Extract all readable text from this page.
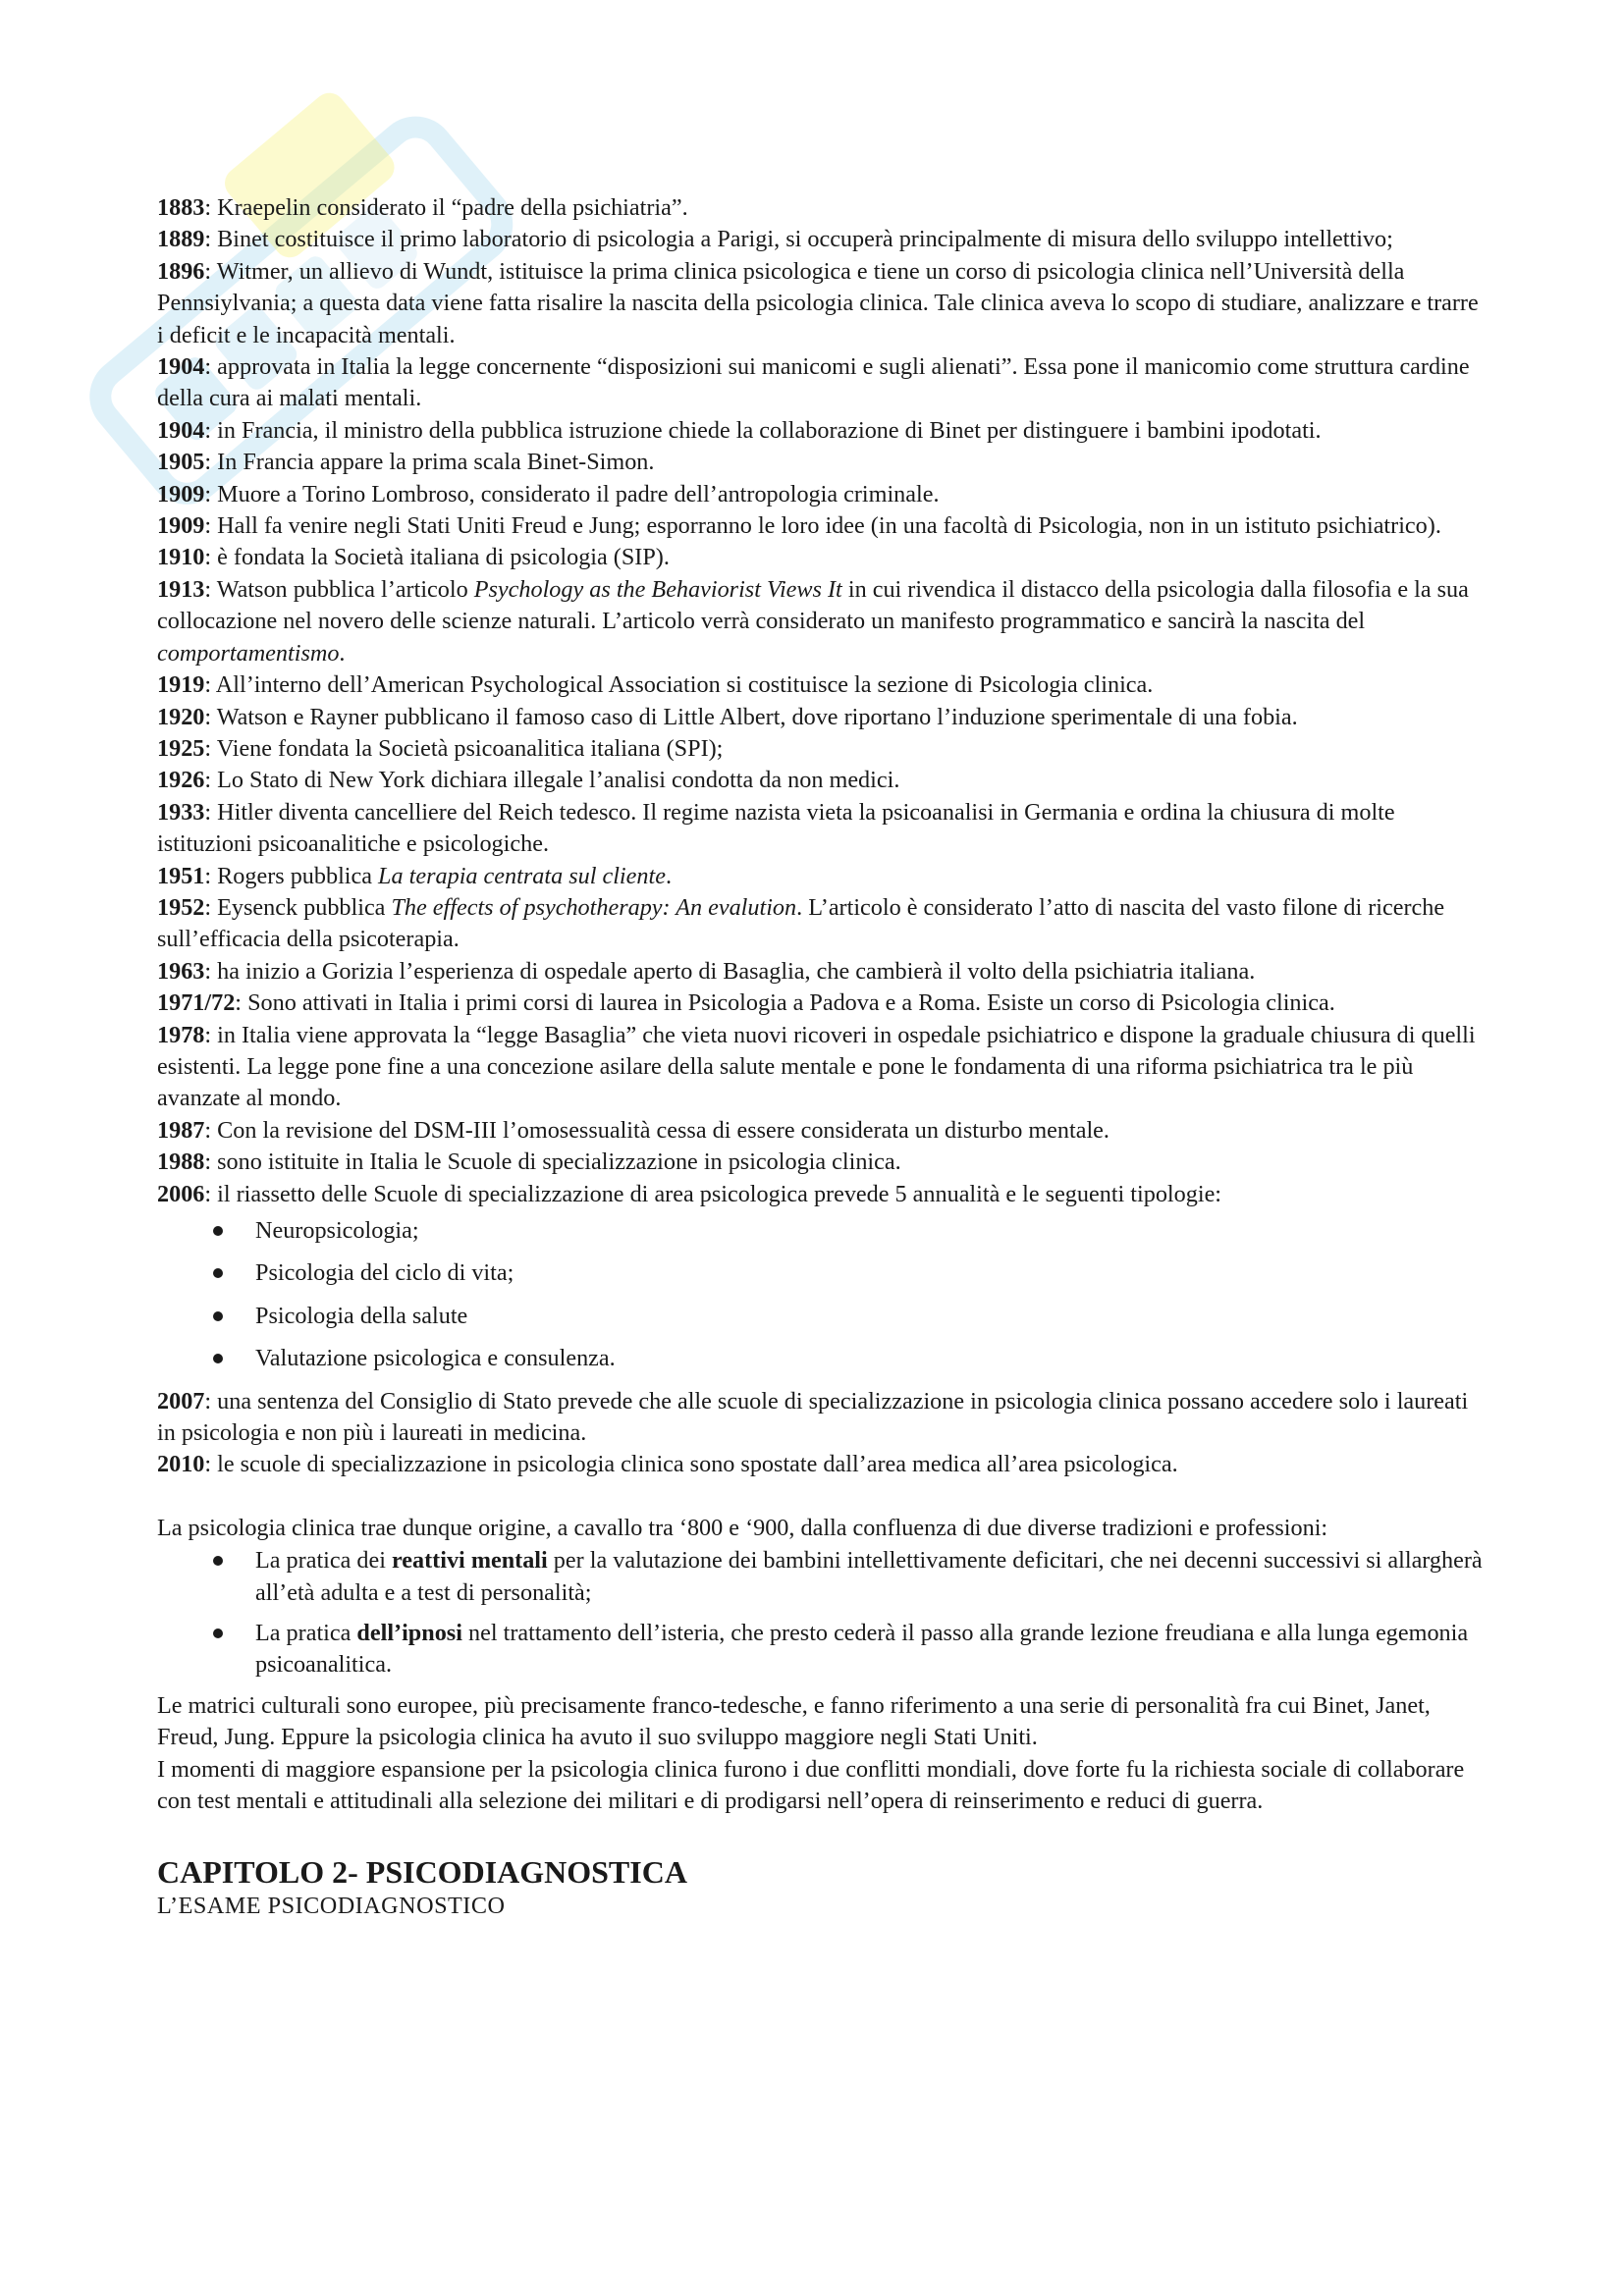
1883: Kraepelin considerato il “padre della psichiatria”.

1889: Binet costituisce il primo laboratorio di psicologia a Parigi, si occuperà principalmente di misura dello sviluppo intellettivo;

1896: Witmer, un allievo di Wundt, istituisce la prima clinica psicologica e tiene un corso di psicologia clinica nell’Università della Pennsiylvania; a questa data viene fatta risalire la nascita della psicologia clinica. Tale clinica aveva lo scopo di studiare, analizzare e trarre i deficit e le incapacità mentali.

1904: approvata in Italia la legge concernente “disposizioni sui manicomi e sugli alienati”. Essa pone il manicomio come struttura cardine della cura ai malati mentali.

1904: in Francia, il ministro della pubblica istruzione chiede la collaborazione di Binet per distinguere i bambini ipodotati.

1905: In Francia appare la prima scala Binet-Simon.

1909: Muore a Torino Lombroso, considerato il padre dell’antropologia criminale.

1909: Hall fa venire negli Stati Uniti Freud e Jung; esporranno le loro idee (in una facoltà di Psicologia, non in un istituto psichiatrico).

1910: è fondata la Società italiana di psicologia (SIP).

1913: Watson pubblica l’articolo Psychology as the Behaviorist Views It in cui rivendica il distacco della psicologia dalla filosofia e la sua collocazione nel novero delle scienze naturali. L’articolo verrà considerato un manifesto programmatico e sancirà la nascita del comportamentismo.

1919: All’interno dell’American Psychological Association si costituisce la sezione di Psicologia clinica.

1920: Watson e Rayner pubblicano il famoso caso di Little Albert, dove riportano l’induzione sperimentale di una fobia.

1925: Viene fondata la Società psicoanalitica italiana (SPI);

1926: Lo Stato di New York dichiara illegale l’analisi condotta da non medici.

1933: Hitler diventa cancelliere del Reich tedesco. Il regime nazista vieta la psicoanalisi in Germania e ordina la chiusura di molte istituzioni psicoanalitiche e psicologiche.

1951: Rogers pubblica La terapia centrata sul cliente.

1952: Eysenck pubblica The effects of psychotherapy: An evalution. L’articolo è considerato l’atto di nascita del vasto filone di ricerche sull’efficacia della psicoterapia.

1963: ha inizio a Gorizia l’esperienza di ospedale aperto di Basaglia, che cambierà il volto della psichiatria italiana.

1971/72: Sono attivati in Italia i primi corsi di laurea in Psicologia a Padova e a Roma. Esiste un corso di Psicologia clinica.

1978: in Italia viene approvata la “legge Basaglia” che vieta nuovi ricoveri in ospedale psichiatrico e dispone la graduale chiusura di quelli esistenti. La legge pone fine a una concezione asilare della salute mentale e pone le fondamenta di una riforma psichiatrica tra le più avanzate al mondo.

1987: Con la revisione del DSM-III l’omosessualità cessa di essere considerata un disturbo mentale.

1988: sono istituite in Italia le Scuole di specializzazione in psicologia clinica.

2006: il riassetto delle Scuole di specializzazione di area psicologica prevede 5 annualità e le seguenti tipologie:

Neuropsicologia;
Psicologia del ciclo di vita;
Psicologia della salute
Valutazione psicologica e consulenza.

2007: una sentenza del Consiglio di Stato prevede che alle scuole di specializzazione in psicologia clinica possano accedere solo i laureati in psicologia e non più i laureati in medicina.

2010: le scuole di specializzazione in psicologia clinica sono spostate dall’area medica all’area psicologica.

La psicologia clinica trae dunque origine, a cavallo tra ‘800 e ‘900, dalla confluenza di due diverse tradizioni e professioni:

La pratica dei reattivi mentali per la valutazione dei bambini intellettivamente deficitari, che nei decenni successivi si allargherà all’età adulta e a test di personalità;
La pratica dell’ipnosi nel trattamento dell’isteria, che presto cederà il passo alla grande lezione freudiana e alla lunga egemonia psicoanalitica.

Le matrici culturali sono europee, più precisamente franco-tedesche, e fanno riferimento a una serie di personalità fra cui Binet, Janet, Freud, Jung. Eppure la psicologia clinica ha avuto il suo sviluppo maggiore negli Stati Uniti.

I momenti di maggiore espansione per la psicologia clinica furono i due conflitti mondiali, dove forte fu la richiesta sociale di collaborare con test mentali e attitudinali alla selezione dei militari e di prodigarsi nell’opera di reinserimento e reduci di guerra.

CAPITOLO 2- PSICODIAGNOSTICA
L’ESAME PSICODIAGNOSTICO
